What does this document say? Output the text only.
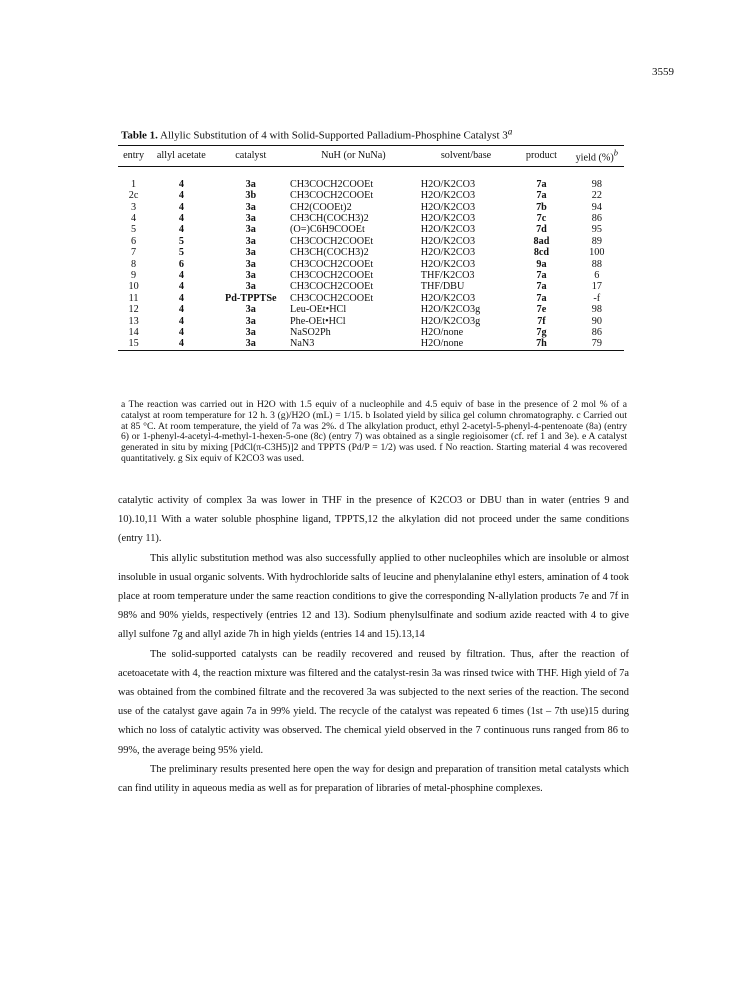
3559
Table 1. Allylic Substitution of 4 with Solid-Supported Palladium-Phosphine Catalyst 3$^a$
entry	allyl acetate	catalyst	NuH (or NuNa)	solvent/base	product	yield (%)$^b$

1	4	3a	CH3COCH2COOEt	H2O/K2CO3	7a	98
2c	4	3b	CH3COCH2COOEt	H2O/K2CO3	7a	22
3	4	3a	CH2(COOEt)2	H2O/K2CO3	7b	94
4	4	3a	CH3CH(COCH3)2	H2O/K2CO3	7c	86
5	4	3a	(O=)C6H9COOEt	H2O/K2CO3	7d	95
6	5	3a	CH3COCH2COOEt	H2O/K2CO3	8ad	89
7	5	3a	CH3CH(COCH3)2	H2O/K2CO3	8cd	100
8	6	3a	CH3COCH2COOEt	H2O/K2CO3	9a	88
9	4	3a	CH3COCH2COOEt	THF/K2CO3	7a	6
10	4	3a	CH3COCH2COOEt	THF/DBU	7a	17
11	4	Pd-TPPTSe	CH3COCH2COOEt	H2O/K2CO3	7a	-f
12	4	3a	Leu-OEt•HCl	H2O/K2CO3g	7e	98
13	4	3a	Phe-OEt•HCl	H2O/K2CO3g	7f	90
14	4	3a	NaSO2Ph	H2O/none	7g	86
15	4	3a	NaN3	H2O/none	7h	79
a The reaction was carried out in H2O with 1.5 equiv of a nucleophile and 4.5 equiv of base in the presence of 2 mol % of a catalyst at room temperature for 12 h. 3 (g)/H2O (mL) = 1/15. b Isolated yield by silica gel column chromatography. c Carried out at 85 °C. At room temperature, the yield of 7a was 2%. d The alkylation product, ethyl 2-acetyl-5-phenyl-4-pentenoate (8a) (entry 6) or 1-phenyl-4-acetyl-4-methyl-1-hexen-5-one (8c) (entry 7) was obtained as a single regioisomer (cf. ref 1 and 3e). e A catalyst generated in situ by mixing [PdCl(π-C3H5)]2 and TPPTS (Pd/P = 1/2) was used. f No reaction. Starting material 4 was recovered quantitatively. g Six equiv of K2CO3 was used.

catalytic activity of complex 3a was lower in THF in the presence of K2CO3 or DBU than in water (entries 9 and 10).10,11 With a water soluble phosphine ligand, TPPTS,12 the alkylation did not proceed under the same conditions (entry 11).

This allylic substitution method was also successfully applied to other nucleophiles which are insoluble or almost insoluble in usual organic solvents. With hydrochloride salts of leucine and phenylalanine ethyl esters, amination of 4 took place at room temperature under the same reaction conditions to give the corresponding N-allylation products 7e and 7f in 98% and 90% yields, respectively (entries 12 and 13). Sodium phenylsulfinate and sodium azide reacted with 4 to give allyl sulfone 7g and allyl azide 7h in high yields (entries 14 and 15).13,14

The solid-supported catalysts can be readily recovered and reused by filtration. Thus, after the reaction of acetoacetate with 4, the reaction mixture was filtered and the catalyst-resin 3a was rinsed twice with THF. High yield of 7a was obtained from the combined filtrate and the recovered 3a was subjected to the next series of the reaction. The second use of the catalyst gave again 7a in 99% yield. The recycle of the catalyst was repeated 6 times (1st – 7th use)15 during which no loss of catalytic activity was observed. The chemical yield observed in the 7 continuous runs ranged from 86 to 99%, the average being 95% yield.

The preliminary results presented here open the way for design and preparation of transition metal catalysts which can find utility in aqueous media as well as for preparation of libraries of metal-phosphine complexes.
